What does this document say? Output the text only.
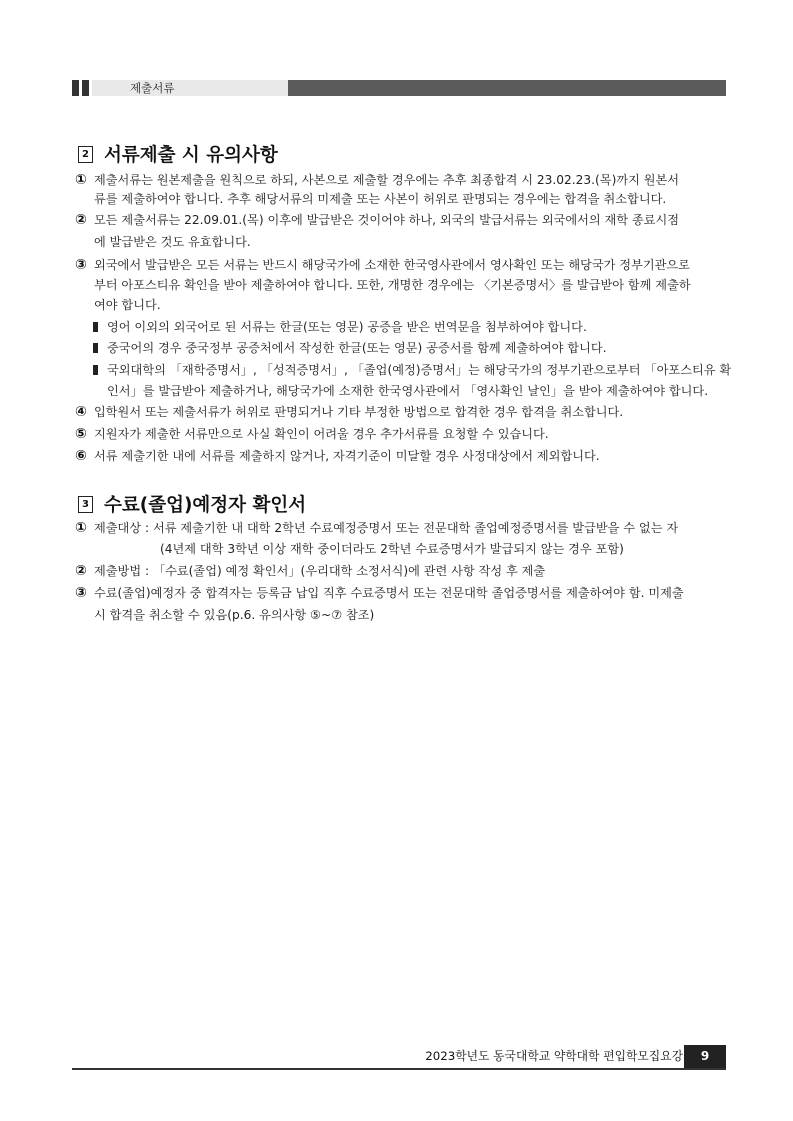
제출서류
2 서류제출 시 유의사항
① 제출서류는 원본제출을 원칙으로 하되, 사본으로 제출할 경우에는 추후 최종합격 시 23.02.23.(목)까지 원본서
류를 제출하여야 합니다. 추후 해당서류의 미제출 또는 사본이 허위로 판명되는 경우에는 합격을 취소합니다.
② 모든 제출서류는 22.09.01.(목) 이후에 발급받은 것이어야 하나, 외국의 발급서류는 외국에서의 재학 종료시점
에 발급받은 것도 유효합니다.
③ 외국에서 발급받은 모든 서류는 반드시 해당국가에 소재한 한국영사관에서 영사확인 또는 해당국가 정부기관으로
부터 아포스티유 확인을 받아 제출하여야 합니다. 또한, 개명한 경우에는 〈기본증명서〉를 발급받아 함께 제출하
여야 합니다.
영어 이외의 외국어로 된 서류는 한글(또는 영문) 공증을 받은 번역문을 첨부하여야 합니다.
중국어의 경우 중국정부 공증처에서 작성한 한글(또는 영문) 공증서를 함께 제출하여야 합니다.
국외대학의 「재학증명서」, 「성적증명서」, 「졸업(예정)증명서」는 해당국가의 정부기관으로부터 「아포스티유 확
인서」를 발급받아 제출하거나, 해당국가에 소재한 한국영사관에서 「영사확인 날인」을 받아 제출하여야 합니다.
④ 입학원서 또는 제출서류가 허위로 판명되거나 기타 부정한 방법으로 합격한 경우 합격을 취소합니다.
⑤ 지원자가 제출한 서류만으로 사실 확인이 어려울 경우 추가서류를 요청할 수 있습니다.
⑥ 서류 제출기한 내에 서류를 제출하지 않거나, 자격기준이 미달할 경우 사정대상에서 제외합니다.
3 수료(졸업)예정자 확인서
① 제출대상 : 서류 제출기한 내 대학 2학년 수료예정증명서 또는 전문대학 졸업예정증명서를 발급받을 수 없는 자
(4년제 대학 3학년 이상 재학 중이더라도 2학년 수료증명서가 발급되지 않는 경우 포함)
② 제출방법 : 「수료(졸업) 예정 확인서」(우리대학 소정서식)에 관련 사항 작성 후 제출
③ 수료(졸업)예정자 중 합격자는 등록금 납입 직후 수료증명서 또는 전문대학 졸업증명서를 제출하여야 함. 미제출
시 합격을 취소할 수 있음(p.6. 유의사항 ⑤~⑦ 참조)
2023학년도 동국대학교 약학대학 편입학모집요강	9
